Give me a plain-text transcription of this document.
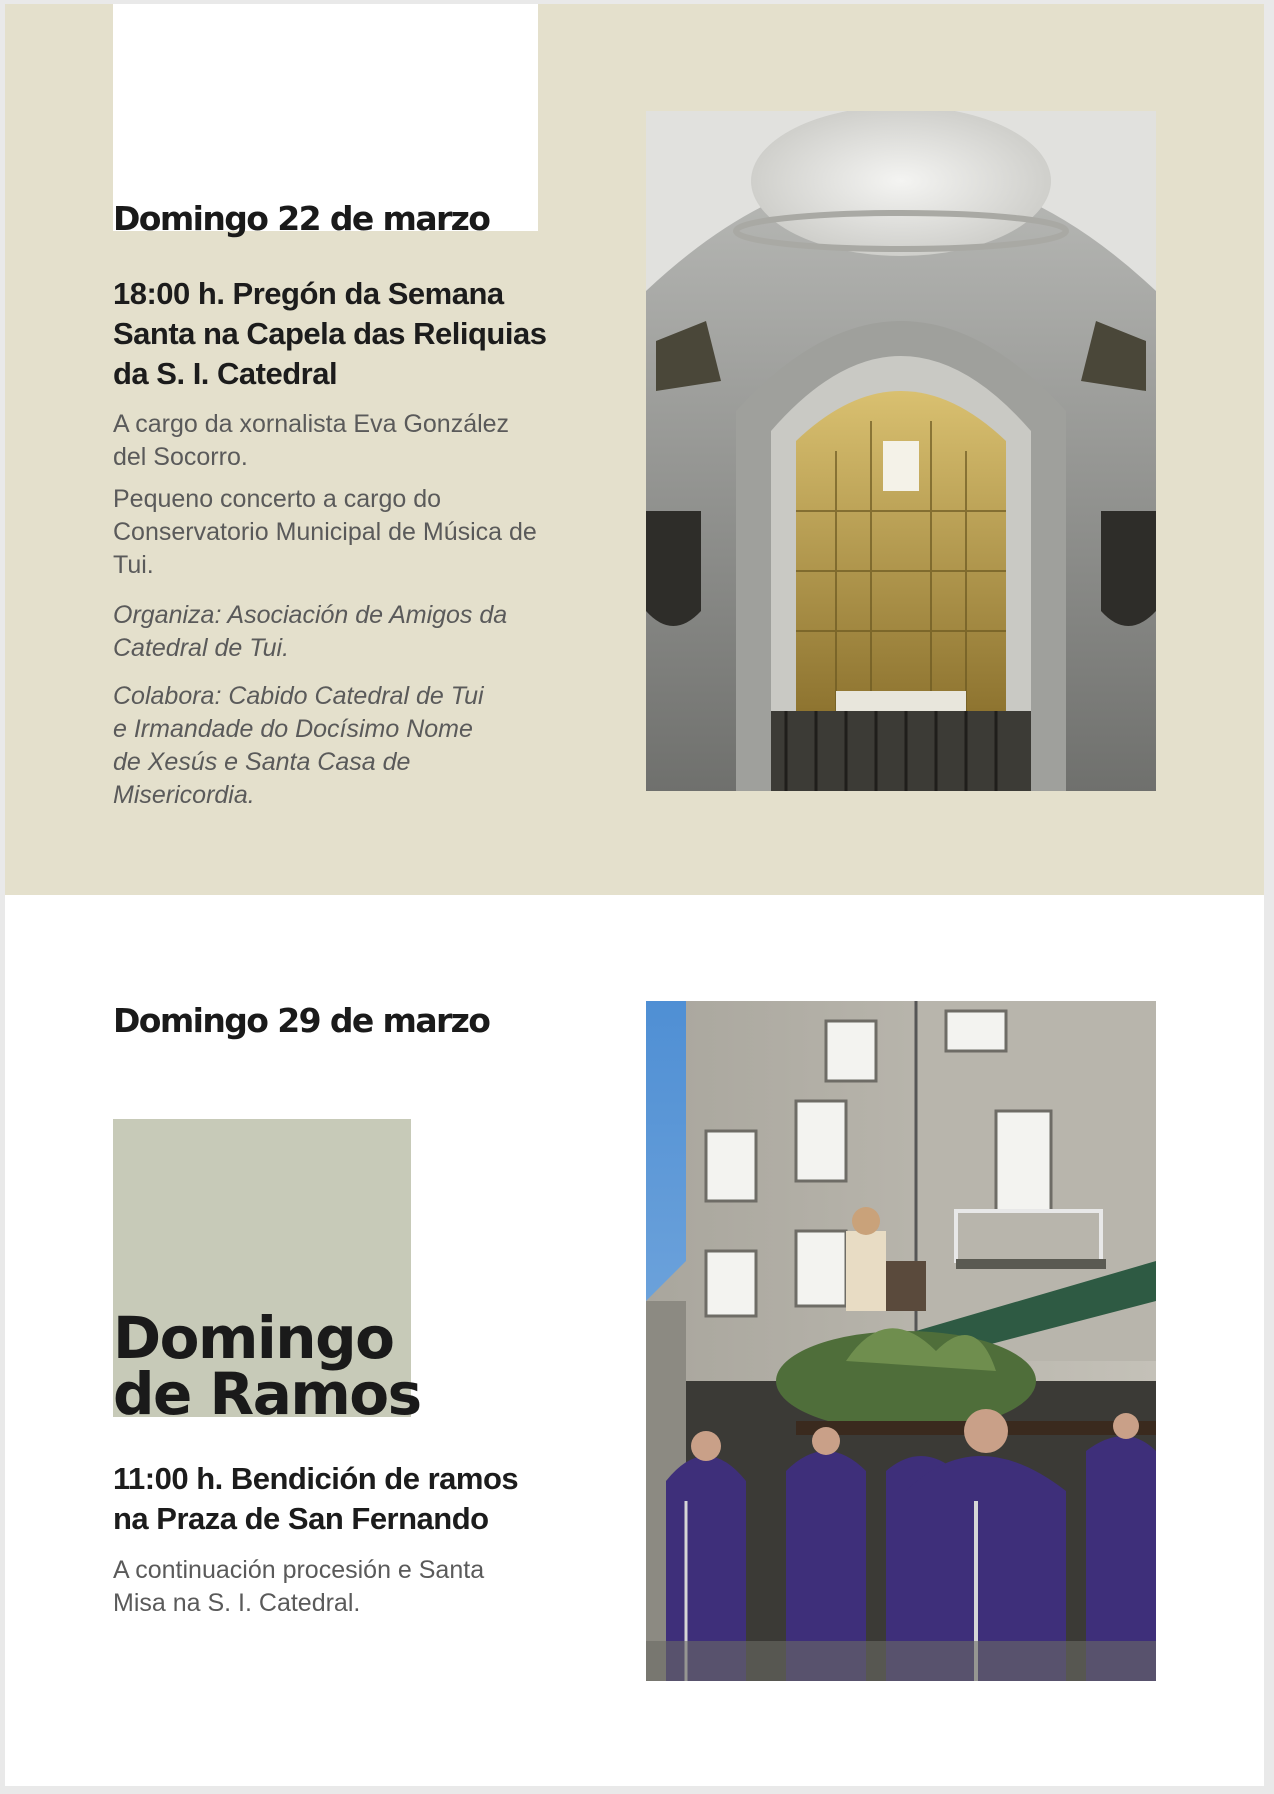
Domingo 22 de marzo
18:00 h. Pregón da Semana Santa na Capela das Reliquias da S. I. Catedral

A cargo da xornalista Eva González del Socorro.

Pequeno concerto a cargo do Conservatorio Municipal de Música de Tui.

Organiza: Asociación de Amigos da Catedral de Tui.

Colabora: Cabido Catedral de Tui e Irmandade do Docísimo Nome de Xesús e Santa Casa de Misericordia.

Domingo 29 de marzo
Domingo
de Ramos
11:00 h. Bendición de ramos na Praza de San Fernando

A continuación procesión e Santa Misa na S. I. Catedral.
